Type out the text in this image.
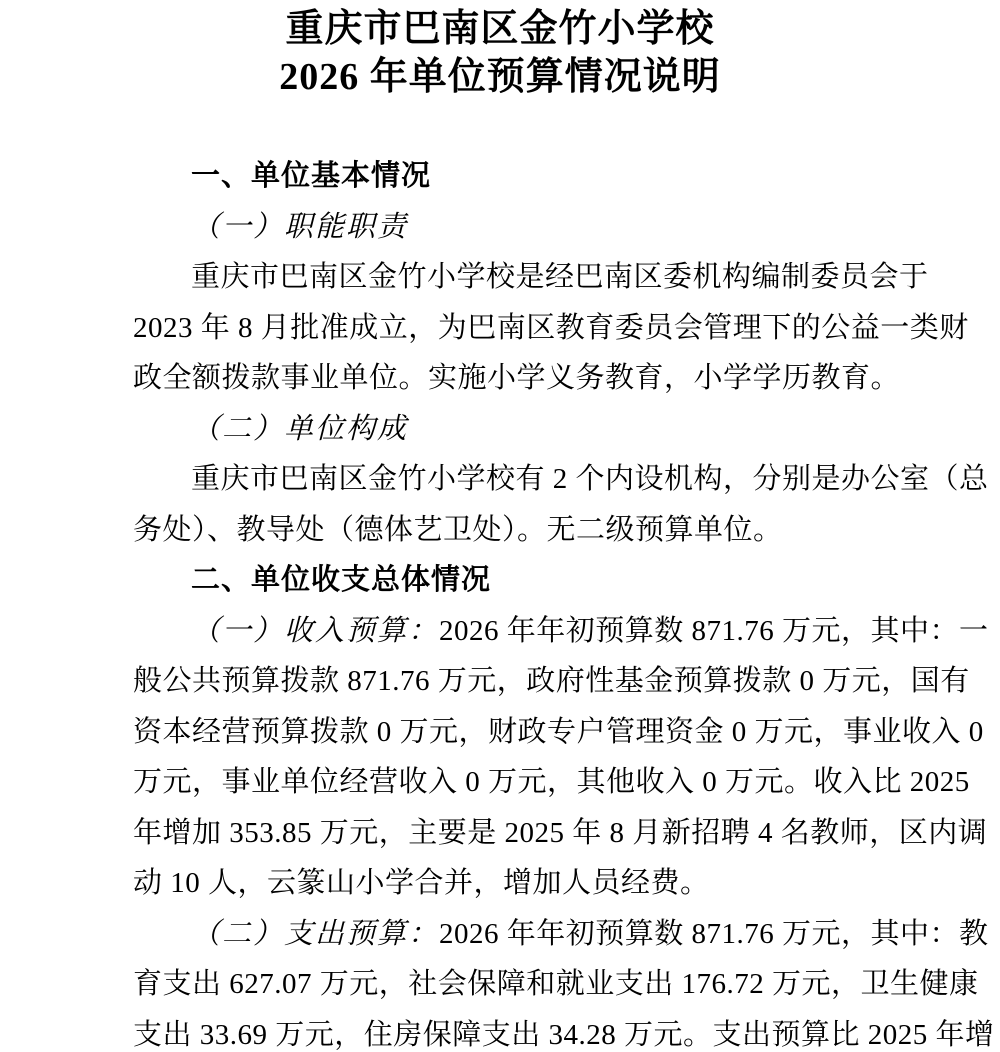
重庆市巴南区金竹小学校
2026 年单位预算情况说明
一、单位基本情况
（一）职能职责
重庆市巴南区金竹小学校是经巴南区委机构编制委员会于
2023 年 8 月批准成立，为巴南区教育委员会管理下的公益一类财
政全额拨款事业单位。实施小学义务教育，小学学历教育。
（二）单位构成
重庆市巴南区金竹小学校有 2 个内设机构，分别是办公室（总
务处）、教导处（德体艺卫处）。无二级预算单位。
二、单位收支总体情况
（一）收入预算：2026 年年初预算数 871.76 万元，其中：一
般公共预算拨款 871.76 万元，政府性基金预算拨款 0 万元，国有
资本经营预算拨款 0 万元，财政专户管理资金 0 万元，事业收入 0
万元，事业单位经营收入 0 万元，其他收入 0 万元。收入比 2025
年增加 353.85 万元，主要是 2025 年 8 月新招聘 4 名教师，区内调
动 10 人，云篆山小学合并，增加人员经费。
（二）支出预算：2026 年年初预算数 871.76 万元，其中：教
育支出 627.07 万元，社会保障和就业支出 176.72 万元，卫生健康
支出 33.69 万元，住房保障支出 34.28 万元。支出预算比 2025 年增
